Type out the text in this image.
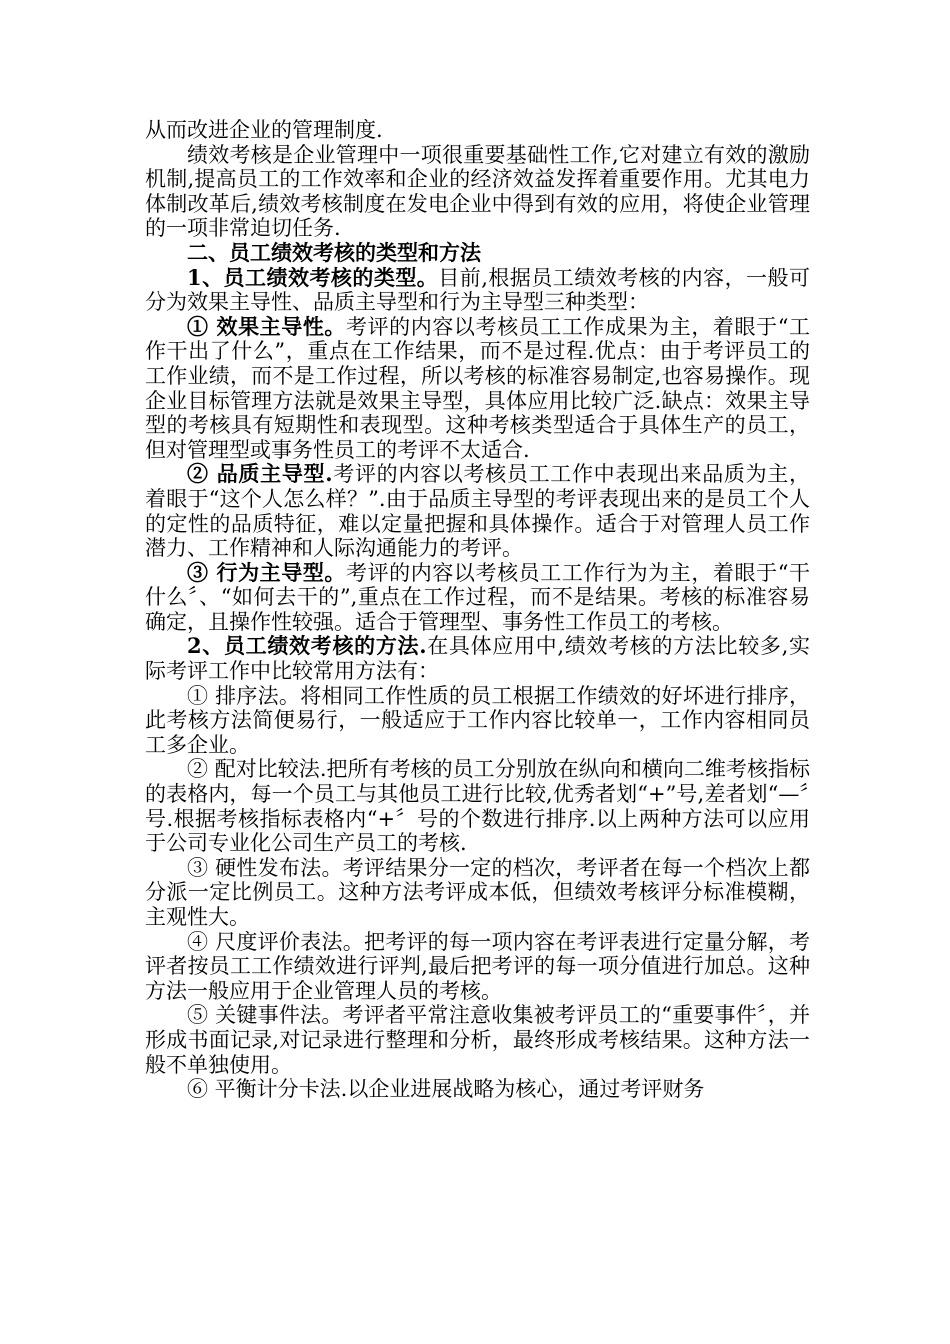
从而改进企业的管理制度.

绩效考核是企业管理中一项很重要基础性工作,它对建立有效的激励机制,提高员工的工作效率和企业的经济效益发挥着重要作用。尤其电力体制改革后,绩效考核制度在发电企业中得到有效的应用，将使企业管理的一项非常迫切任务.

二、员工绩效考核的类型和方法

1、员工绩效考核的类型。目前,根据员工绩效考核的内容，一般可分为效果主导性、品质主导型和行为主导型三种类型：

① 效果主导性。考评的内容以考核员工工作成果为主，着眼于“工作干出了什么”，重点在工作结果，而不是过程.优点：由于考评员工的工作业绩，而不是工作过程，所以考核的标准容易制定,也容易操作。现企业目标管理方法就是效果主导型，具体应用比较广泛.缺点：效果主导型的考核具有短期性和表现型。这种考核类型适合于具体生产的员工，但对管理型或事务性员工的考评不太适合.

② 品质主导型.考评的内容以考核员工工作中表现出来品质为主，着眼于“这个人怎么样？”.由于品质主导型的考评表现出来的是员工个人的定性的品质特征，难以定量把握和具体操作。适合于对管理人员工作潜力、工作精神和人际沟通能力的考评。

③ 行为主导型。考评的内容以考核员工工作行为为主，着眼于“干什么〞、“如何去干的”,重点在工作过程，而不是结果。考核的标准容易确定，且操作性较强。适合于管理型、事务性工作员工的考核。

2、员工绩效考核的方法.在具体应用中,绩效考核的方法比较多,实际考评工作中比较常用方法有：

① 排序法。将相同工作性质的员工根据工作绩效的好坏进行排序，此考核方法简便易行，一般适应于工作内容比较单一，工作内容相同员工多企业。

② 配对比较法.把所有考核的员工分别放在纵向和横向二维考核指标的表格内，每一个员工与其他员工进行比较,优秀者划“+”号,差者划“—〞号.根据考核指标表格内“+〞号的个数进行排序.以上两种方法可以应用于公司专业化公司生产员工的考核.

③ 硬性发布法。考评结果分一定的档次，考评者在每一个档次上都分派一定比例员工。这种方法考评成本低，但绩效考核评分标准模糊，主观性大。

④ 尺度评价表法。把考评的每一项内容在考评表进行定量分解，考评者按员工工作绩效进行评判,最后把考评的每一项分值进行加总。这种方法一般应用于企业管理人员的考核。

⑤ 关键事件法。考评者平常注意收集被考评员工的“重要事件〞，并形成书面记录,对记录进行整理和分析，最终形成考核结果。这种方法一般不单独使用。

⑥ 平衡计分卡法.以企业进展战略为核心，通过考评财务
